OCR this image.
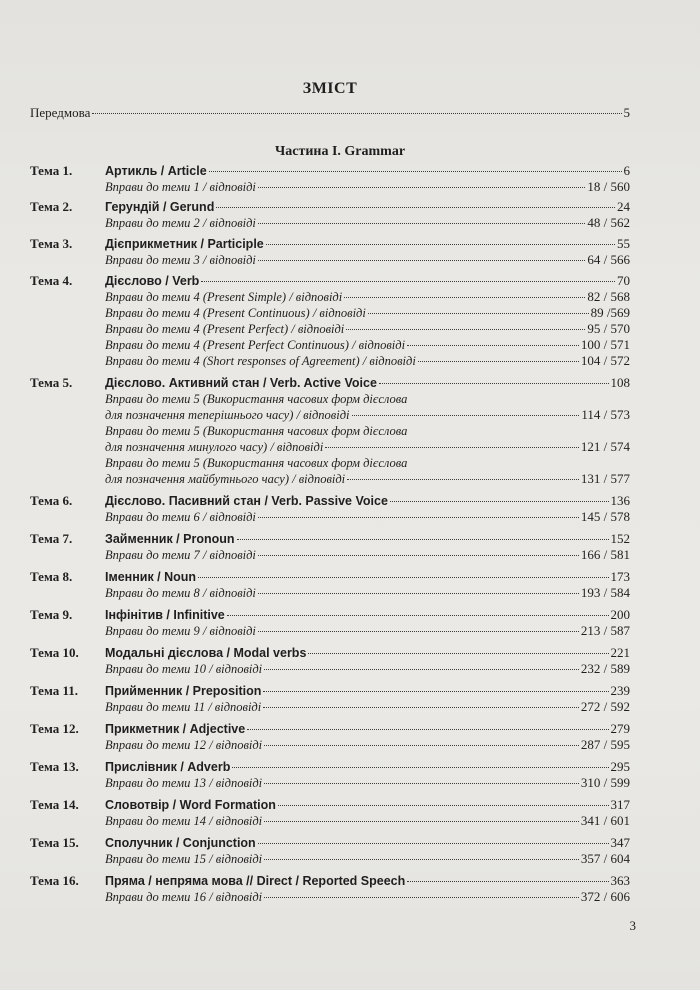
ЗМІСТ
Передмова	5
Частина I. Grammar
Тема 1.	Артикль / Article	6
Вправи до теми 1 / відповіді	18 / 560
Тема 2.	Герундій / Gerund	24
Вправи до теми 2 / відповіді	48 / 562
Тема 3.	Дієприкметник / Participle	55
Вправи до теми 3 / відповіді	64 / 566
Тема 4.	Дієслово / Verb	70
Вправи до теми 4 (Present Simple) / відповіді	82 / 568
Вправи до теми 4 (Present Continuous) / відповіді	89 /569
Вправи до теми 4 (Present Perfect) / відповіді	95 / 570
Вправи до теми 4 (Present Perfect Continuous) / відповіді	100 / 571
Вправи до теми 4 (Short responses of Agreement) / відповіді	104 / 572
Тема 5.	Дієслово. Активний стан / Verb. Active Voice	108
Вправи до теми 5 (Використання часових форм дієслова
для позначення теперішнього часу) / відповіді	114 / 573
Вправи до теми 5 (Використання часових форм дієслова
для позначення минулого часу) / відповіді	121 / 574
Вправи до теми 5 (Використання часових форм дієслова
для позначення майбутнього часу) / відповіді	131 / 577
Тема 6.	Дієслово. Пасивний стан / Verb. Passive Voice	136
Вправи до теми 6 / відповіді	145 / 578
Тема 7.	Займенник / Pronoun	152
Вправи до теми 7 / відповіді	166 / 581
Тема 8.	Іменник / Noun	173
Вправи до теми 8 / відповіді	193 / 584
Тема 9.	Інфінітив / Infinitive	200
Вправи до теми 9 / відповіді	213 / 587
Тема 10.	Модальні дієслова / Modal verbs	221
Вправи до теми 10 / відповіді	232 / 589
Тема 11.	Прийменник / Preposition	239
Вправи до теми 11 / відповіді	272 / 592
Тема 12.	Прикметник / Adjective	279
Вправи до теми 12 / відповіді	287 / 595
Тема 13.	Прислівник / Adverb	295
Вправи до теми 13 / відповіді	310 / 599
Тема 14.	Словотвір / Word Formation	317
Вправи до теми 14 / відповіді	341 / 601
Тема 15.	Сполучник / Conjunction	347
Вправи до теми 15 / відповіді	357 / 604
Тема 16.	Пряма / непряма мова // Direct / Reported Speech	363
Вправи до теми 16 / відповіді	372 / 606
3
